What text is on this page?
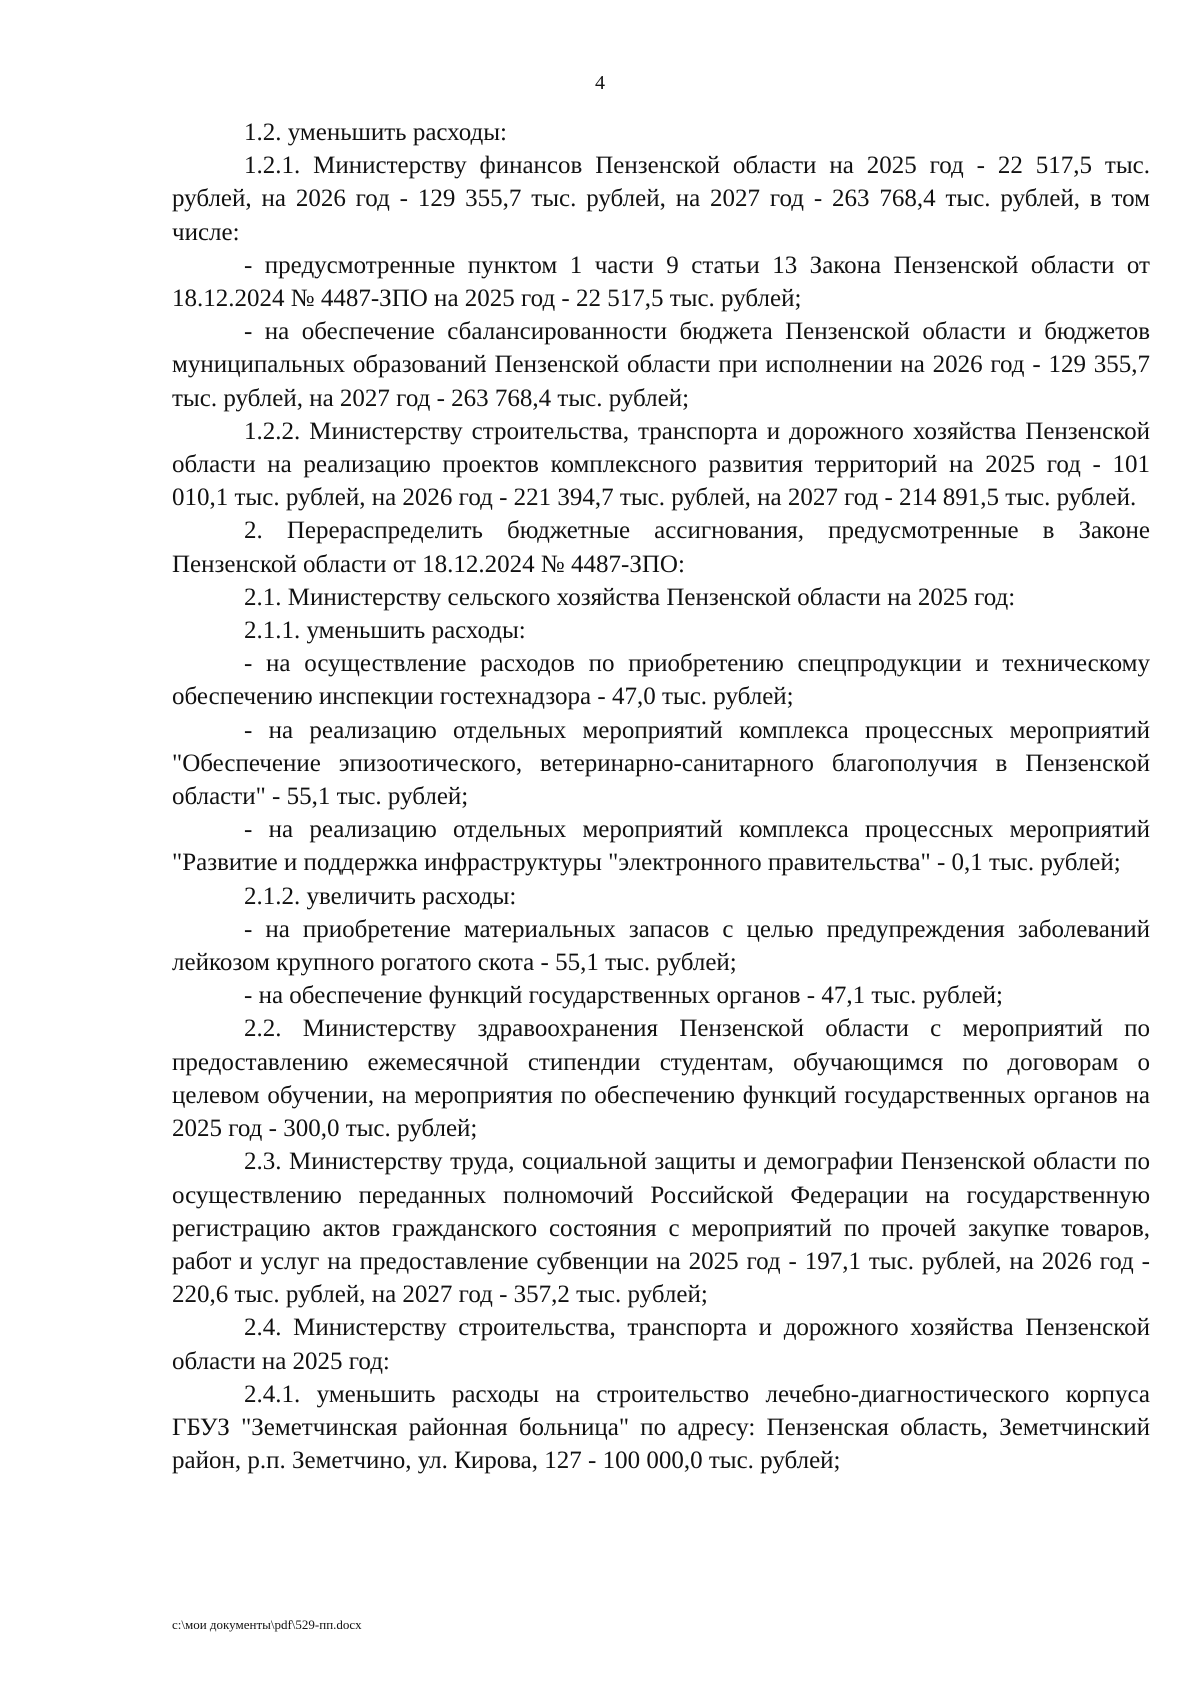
4

1.2. уменьшить расходы:

1.2.1. Министерству финансов Пензенской области на 2025 год - 22 517,5 тыс. рублей, на 2026 год - 129 355,7 тыс. рублей, на 2027 год - 263 768,4 тыс. рублей, в том числе:

- предусмотренные пунктом 1 части 9 статьи 13 Закона Пензенской области от 18.12.2024 № 4487-ЗПО на 2025 год - 22 517,5 тыс. рублей;

- на обеспечение сбалансированности бюджета Пензенской области и бюджетов муниципальных образований Пензенской области при исполнении на 2026 год - 129 355,7 тыс. рублей, на 2027 год - 263 768,4 тыс. рублей;

1.2.2. Министерству строительства, транспорта и дорожного хозяйства Пензенской области на реализацию проектов комплексного развития территорий на 2025 год - 101 010,1 тыс. рублей, на 2026 год - 221 394,7 тыс. рублей, на 2027 год - 214 891,5 тыс. рублей.

2. Перераспределить бюджетные ассигнования, предусмотренные в Законе Пензенской области от 18.12.2024 № 4487-ЗПО:

2.1. Министерству сельского хозяйства Пензенской области на 2025 год:

2.1.1. уменьшить расходы:

- на осуществление расходов по приобретению спецпродукции и техническому обеспечению инспекции гостехнадзора - 47,0 тыс. рублей;

- на реализацию отдельных мероприятий комплекса процессных мероприятий "Обеспечение эпизоотического, ветеринарно-санитарного благополучия в Пензенской области" - 55,1 тыс. рублей;

- на реализацию отдельных мероприятий комплекса процессных мероприятий "Развитие и поддержка инфраструктуры "электронного правительства" - 0,1 тыс. рублей;

2.1.2. увеличить расходы:

- на приобретение материальных запасов с целью предупреждения заболеваний лейкозом крупного рогатого скота - 55,1 тыс. рублей;

- на обеспечение функций государственных органов - 47,1 тыс. рублей;

2.2. Министерству здравоохранения Пензенской области с мероприятий по предоставлению ежемесячной стипендии студентам, обучающимся по договорам о целевом обучении, на мероприятия по обеспечению функций государственных органов на 2025 год - 300,0 тыс. рублей;

2.3. Министерству труда, социальной защиты и демографии Пензенской области по осуществлению переданных полномочий Российской Федерации на государственную регистрацию актов гражданского состояния с мероприятий по прочей закупке товаров, работ и услуг на предоставление субвенции на 2025 год - 197,1 тыс. рублей, на 2026 год - 220,6 тыс. рублей, на 2027 год - 357,2 тыс. рублей;

2.4. Министерству строительства, транспорта и дорожного хозяйства Пензенской области на 2025 год:

2.4.1. уменьшить расходы на строительство лечебно-диагностического корпуса ГБУЗ "Земетчинская районная больница" по адресу: Пензенская область, Земетчинский район, р.п. Земетчино, ул. Кирова, 127 - 100 000,0 тыс. рублей;

c:\мои документы\pdf\529-пп.docx
